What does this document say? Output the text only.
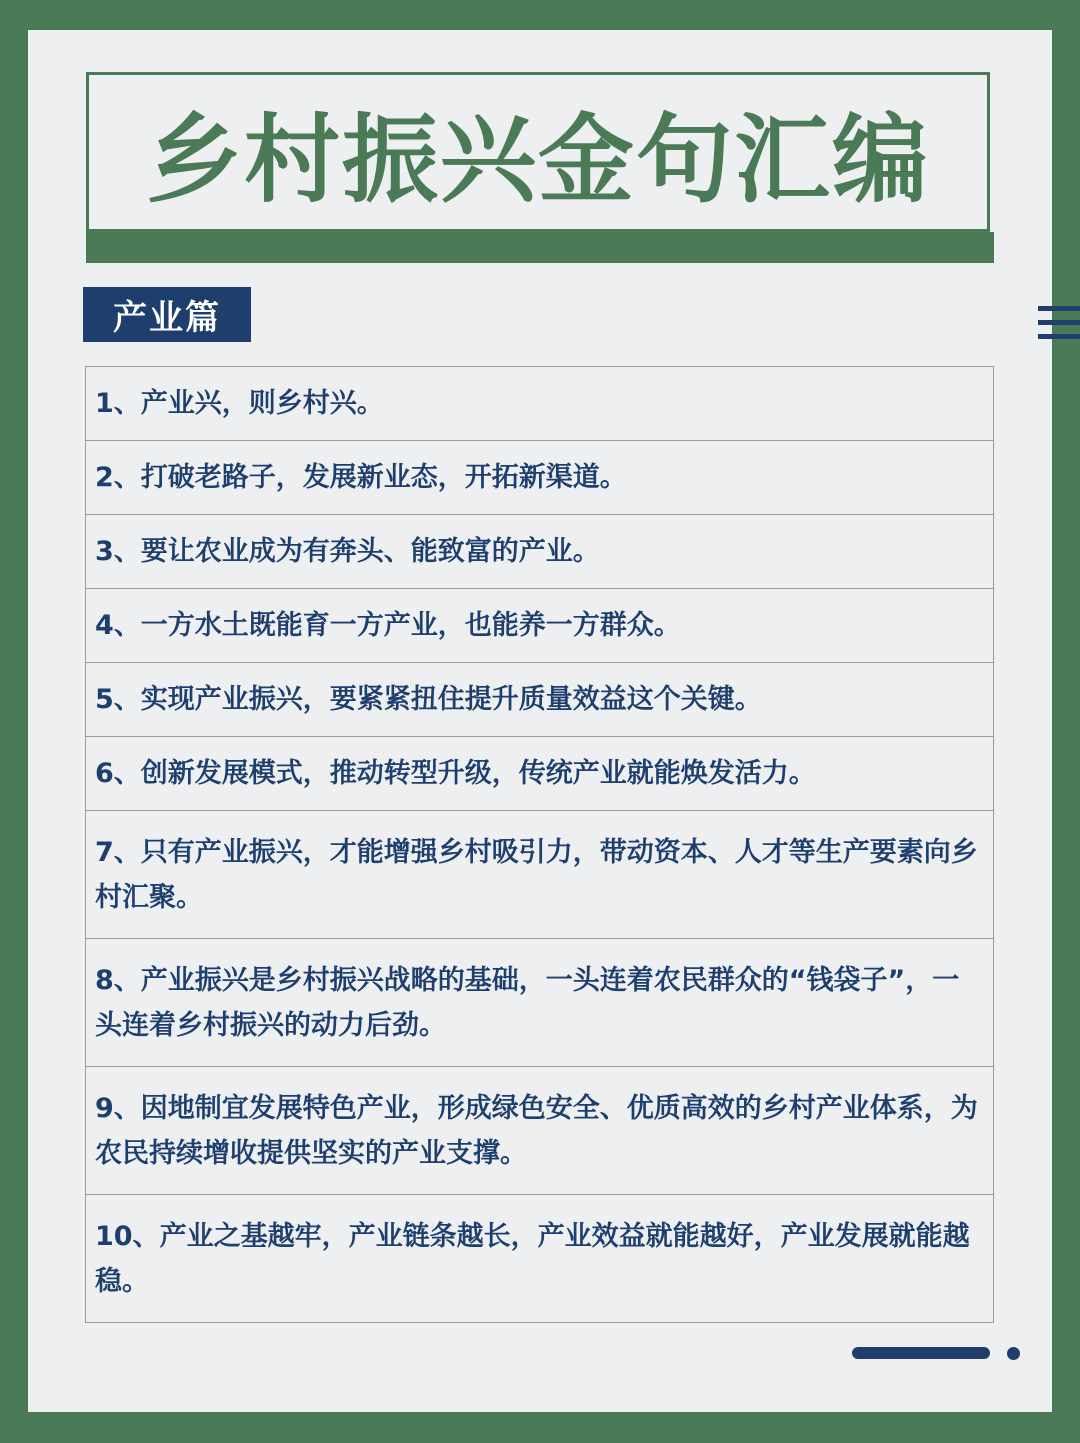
乡村振兴金句汇编
产业篇
1、产业兴，则乡村兴。
2、打破老路子，发展新业态，开拓新渠道。
3、要让农业成为有奔头、能致富的产业。
4、一方水土既能育一方产业，也能养一方群众。
5、实现产业振兴，要紧紧扭住提升质量效益这个关键。
6、创新发展模式，推动转型升级，传统产业就能焕发活力。
7、只有产业振兴，才能增强乡村吸引力，带动资本、人才等生产要素向乡村汇聚。
8、产业振兴是乡村振兴战略的基础，一头连着农民群众的“钱袋子”，一头连着乡村振兴的动力后劲。
9、因地制宜发展特色产业，形成绿色安全、优质高效的乡村产业体系，为农民持续增收提供坚实的产业支撑。
10、产业之基越牢，产业链条越长，产业效益就能越好，产业发展就能越稳。
